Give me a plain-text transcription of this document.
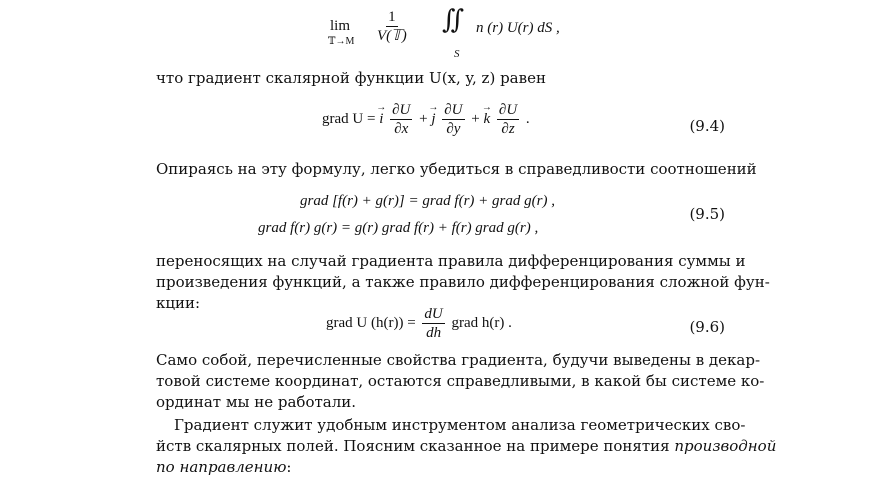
lim
𝕋→M $\frac{1}{\text{V(𝕋)}}$ ∬
S
n (r) U(r) dS ,
что градиент скалярной функции U(x, y, z) равен
grad U = → i $\frac{\partial U}{\partial x}$ + → j $\frac{\partial U}{\partial y}$ + → k $\frac{\partial U}{\partial z}$ .	(9.4)
Опираясь на эту формулу, легко убедиться в справедливости соотношений
grad [f(r) + g(r)] = grad f(r) + grad g(r) ,
grad f(r) g(r) = g(r) grad f(r) + f(r) grad g(r) ,
(9.5)
переносящих на случай градиента правила дифференцирования суммы и
произведения функций, а также правило дифференцирования сложной фун-
кции:
grad U $(h(r)) = \frac{dU}{dh}$ grad h(r) .	(9.6)
Само собой, перечисленные свойства градиента, будучи выведены в декар-
товой системе координат, остаются справедливыми, в какой бы системе ко-
ординат мы не работали.
Градиент служит удобным инструментом анализа геометрических сво-
йств скалярных полей. Поясним сказанное на примере понятия производной
по направлению:
